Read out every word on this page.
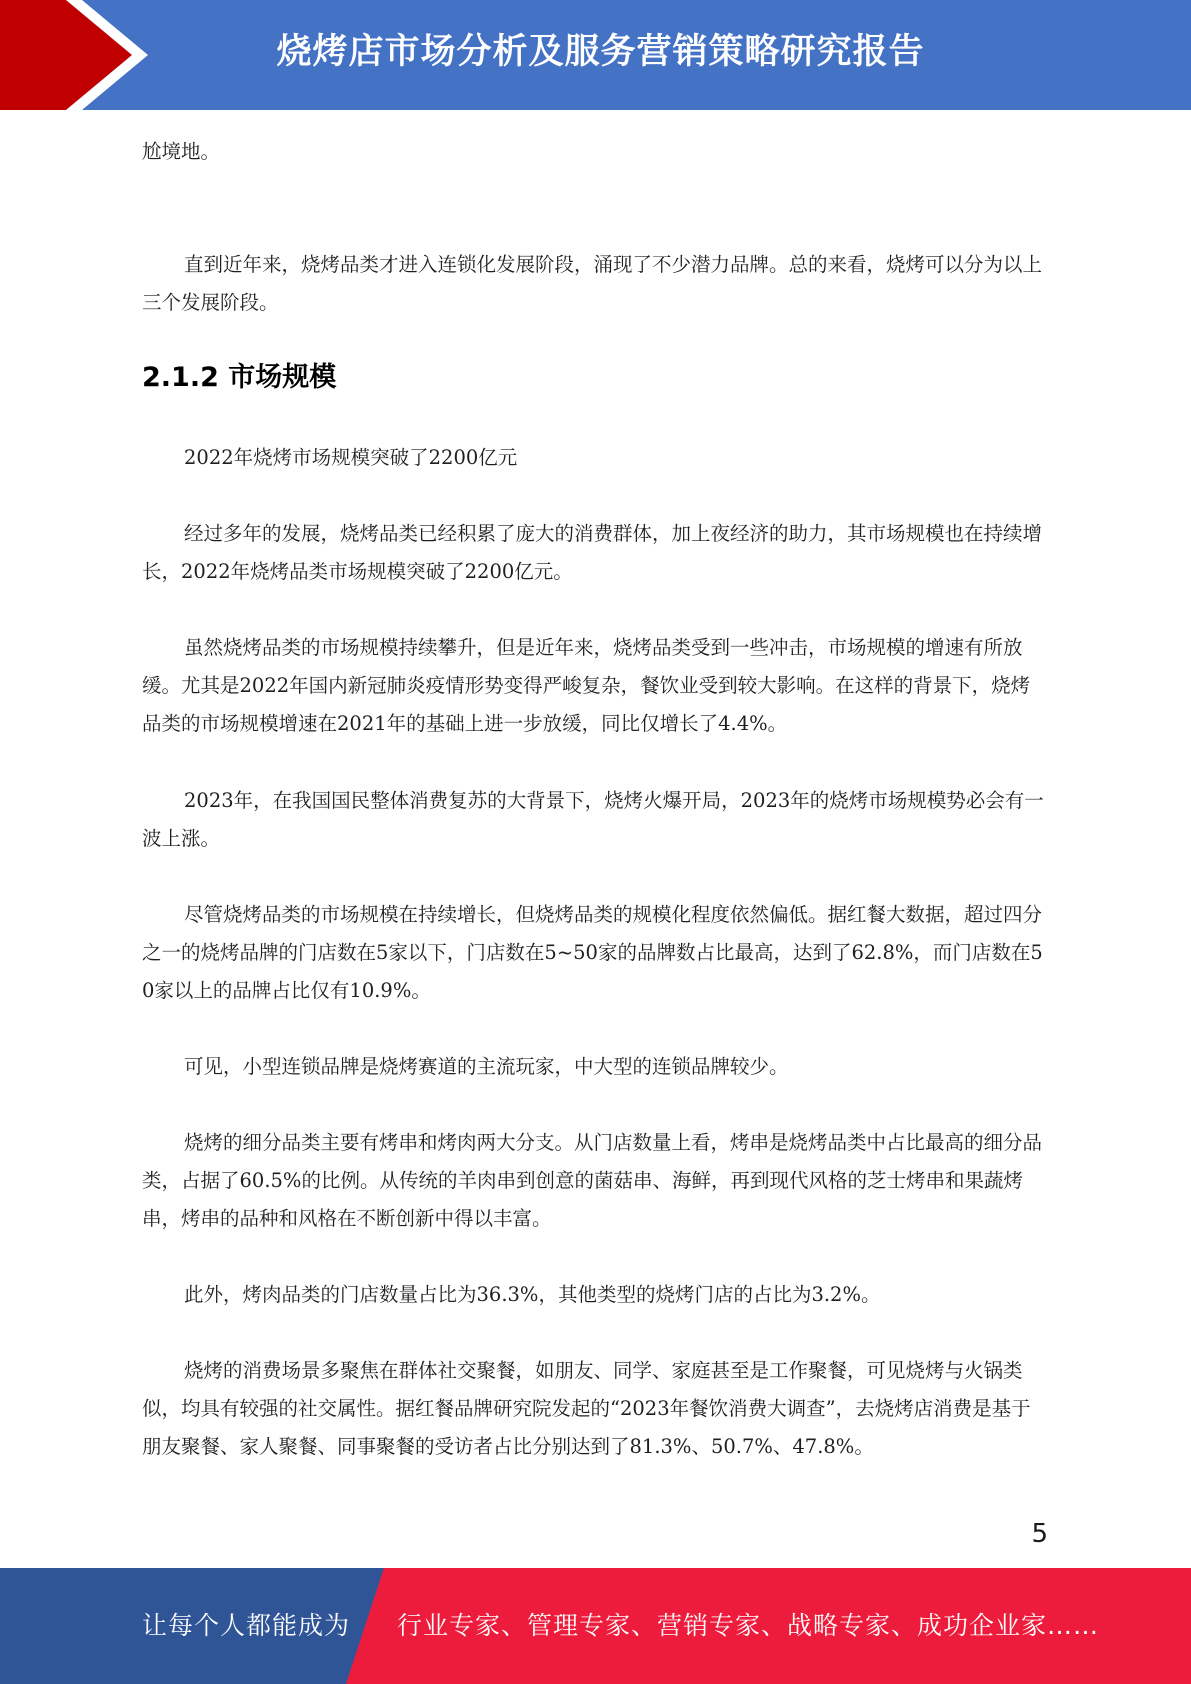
烧烤店市场分析及服务营销策略研究报告

尬境地。

直到近年来，烧烤品类才进入连锁化发展阶段，涌现了不少潜力品牌。总的来看，烧烤可以分为以上三个发展阶段。

2.1.2 市场规模

2022年烧烤市场规模突破了2200亿元

经过多年的发展，烧烤品类已经积累了庞大的消费群体，加上夜经济的助力，其市场规模也在持续增长，2022年烧烤品类市场规模突破了2200亿元。

虽然烧烤品类的市场规模持续攀升，但是近年来，烧烤品类受到一些冲击，市场规模的增速有所放缓。尤其是2022年国内新冠肺炎疫情形势变得严峻复杂，餐饮业受到较大影响。在这样的背景下，烧烤品类的市场规模增速在2021年的基础上进一步放缓，同比仅增长了4.4%。

2023年，在我国国民整体消费复苏的大背景下，烧烤火爆开局，2023年的烧烤市场规模势必会有一波上涨。

尽管烧烤品类的市场规模在持续增长，但烧烤品类的规模化程度依然偏低。据红餐大数据，超过四分之一的烧烤品牌的门店数在5家以下，门店数在5~50家的品牌数占比最高，达到了62.8%，而门店数在50家以上的品牌占比仅有10.9%。

可见，小型连锁品牌是烧烤赛道的主流玩家，中大型的连锁品牌较少。

烧烤的细分品类主要有烤串和烤肉两大分支。从门店数量上看，烤串是烧烤品类中占比最高的细分品类，占据了60.5%的比例。从传统的羊肉串到创意的菌菇串、海鲜，再到现代风格的芝士烤串和果蔬烤串，烤串的品种和风格在不断创新中得以丰富。

此外，烤肉品类的门店数量占比为36.3%，其他类型的烧烤门店的占比为3.2%。

烧烤的消费场景多聚焦在群体社交聚餐，如朋友、同学、家庭甚至是工作聚餐，可见烧烤与火锅类似，均具有较强的社交属性。据红餐品牌研究院发起的“2023年餐饮消费大调查”，去烧烤店消费是基于朋友聚餐、家人聚餐、同事聚餐的受访者占比分别达到了81.3%、50.7%、47.8%。

5
让每个人都能成为 行业专家、管理专家、营销专家、战略专家、成功企业家……
